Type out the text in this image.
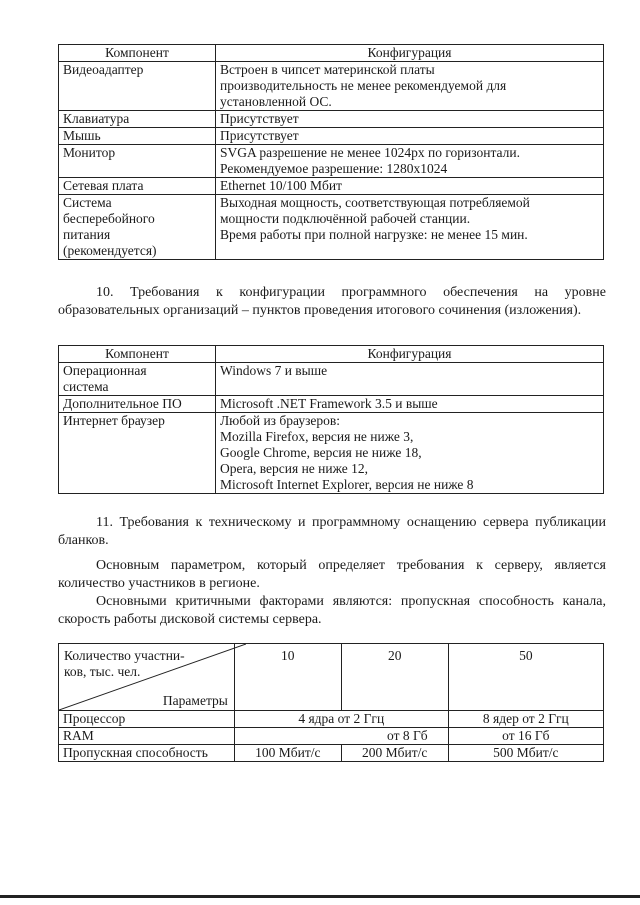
Компонент	Конфигурация

Видеоадаптер	Встроен в чипсет материнской платы
производительность не менее рекомендуемой для
установленной ОС.

Клавиатура	Присутствует

Мышь	Присутствует

Монитор	SVGA разрешение не менее 1024px по горизонтали.
Рекомендуемое разрешение: 1280x1024

Сетевая плата	Ethernet 10/100 Мбит

Система
бесперебойного
питания
(рекомендуется)	Выходная мощность, соответствующая потребляемой
мощности подключённой рабочей станции.
Время работы при полной нагрузке: не менее 15 мин.
10. Требования к конфигурации программного обеспечения на уровне образовательных организаций – пунктов проведения итогового сочинения (изложения).
Компонент	Конфигурация

Операционная
система	Windows 7 и выше

Дополнительное ПО	Microsoft .NET Framework 3.5 и выше

Интернет браузер	Любой из браузеров:
Mozilla Firefox, версия не ниже 3,
Google Chrome, версия не ниже 18,
Opera, версия не ниже 12,
Microsoft Internet Explorer, версия не ниже 8
11. Требования к техническому и программному оснащению сервера публикации бланков.
Основным параметром, который определяет требования к серверу, является количество участников в регионе.
Основными критичными факторами являются: пропускная способность канала, скорость работы дисковой системы сервера.
Количество участни-
ков, тыс. чел.
Параметры	10	20	50
Процессор	4 ядра от 2 Ггц		8 ядер от 2 Ггц
RAM	от 8 Гб		от 16 Гб
Пропускная способность	100 Мбит/с	200 Мбит/с	500 Мбит/с
